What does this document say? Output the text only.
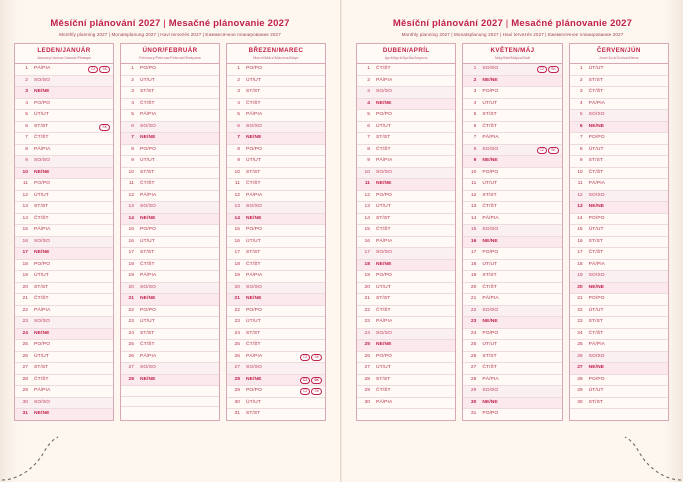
Měsíční plánování 2027 | Mesačné plánovanie 2027
Monthly planning 2027 | Monatsplanung 2027 | Havi tervezés 2027 | Ежемесячное планирование 2027
LEDEN/JANUÁR
January/Januar/Januar/Январь
1	PÁ/PIA	CZ SK
2	SO/SO	
3	NE/NE	
4	PO/PO	
5	ÚT/UT	
6	ST/ST	SK
7	ČT/ŠT	
8	PÁ/PIA	
9	SO/SO	
10	NE/NE	
11	PO/PO	
12	ÚT/UT	
13	ST/ST	
14	ČT/ŠT	
15	PÁ/PIA	
16	SO/SO	
17	NE/NE	
18	PO/PO	
19	ÚT/UT	
20	ST/ST	
21	ČT/ŠT	
22	PÁ/PIA	
23	SO/SO	
24	NE/NE	
25	PO/PO	
26	ÚT/UT	
27	ST/ST	
28	ČT/ŠT	
29	PÁ/PIA	
30	SO/SO	
31	NE/NE	
ÚNOR/FEBRUÁR
February/Februar/Február/Февраль
1	PO/PO	
2	ÚT/UT	
3	ST/ST	
4	ČT/ŠT	
5	PÁ/PIA	
6	SO/SO	
7	NE/NE	
8	PO/PO	
9	ÚT/UT	
10	ST/ST	
11	ČT/ŠT	
12	PÁ/PIA	
13	SO/SO	
14	NE/NE	
15	PO/PO	
16	ÚT/UT	
17	ST/ST	
18	ČT/ŠT	
19	PÁ/PIA	
20	SO/SO	
21	NE/NE	
22	PO/PO	
23	ÚT/UT	
24	ST/ST	
25	ČT/ŠT	
26	PÁ/PIA	
27	SO/SO	
28	NE/NE	

BŘEZEN/MAREC
March/März/Március/Март
1	PO/PO	
2	ÚT/UT	
3	ST/ST	
4	ČT/ŠT	
5	PÁ/PIA	
6	SO/SO	
7	NE/NE	
8	PO/PO	
9	ÚT/UT	
10	ST/ST	
11	ČT/ŠT	
12	PÁ/PIA	
13	SO/SO	
14	NE/NE	
15	PO/PO	
16	ÚT/UT	
17	ST/ST	
18	ČT/ŠT	
19	PÁ/PIA	
20	SO/SO	
21	NE/NE	
22	PO/PO	
23	ÚT/UT	
24	ST/ST	
25	ČT/ŠT	
26	PÁ/PIA	CZ SK
27	SO/SO	
28	NE/NE	CZ SK
29	PO/PO	CZ SK
30	ÚT/UT	
31	ST/ST	
Měsíční plánování 2027 | Mesačné plánovanie 2027
Monthly planning 2027 | Monatsplanung 2027 | Havi tervezés 2027 | Ежемесячное планирование 2027
DUBEN/APRÍL
April/April/Április/Апрель
1	ČT/ŠT	
2	PÁ/PIA	
3	SO/SO	
4	NE/NE	
5	PO/PO	
6	ÚT/UT	
7	ST/ST	
8	ČT/ŠT	
9	PÁ/PIA	
10	SO/SO	
11	NE/NE	
12	PO/PO	
13	ÚT/UT	
14	ST/ST	
15	ČT/ŠT	
16	PÁ/PIA	
17	SO/SO	
18	NE/NE	
19	PO/PO	
20	ÚT/UT	
21	ST/ST	
22	ČT/ŠT	
23	PÁ/PIA	
24	SO/SO	
25	NE/NE	
26	PO/PO	
27	ÚT/UT	
28	ST/ST	
29	ČT/ŠT	
30	PÁ/PIA	

KVĚTEN/MÁJ
May/Mai/Május/Май
1	SO/SO	CZ SK
2	NE/NE	
3	PO/PO	
4	ÚT/UT	
5	ST/ST	
6	ČT/ŠT	
7	PÁ/PIA	
8	SO/SO	CZ SK
9	NE/NE	
10	PO/PO	
11	ÚT/UT	
12	ST/ST	
13	ČT/ŠT	
14	PÁ/PIA	
15	SO/SO	
16	NE/NE	
17	PO/PO	
18	ÚT/UT	
19	ST/ST	
20	ČT/ŠT	
21	PÁ/PIA	
22	SO/SO	
23	NE/NE	
24	PO/PO	
25	ÚT/UT	
26	ST/ST	
27	ČT/ŠT	
28	PÁ/PIA	
29	SO/SO	
30	NE/NE	
31	PO/PO	
ČERVEN/JÚN
June/Juni/Június/Июнь
1	ÚT/UT	
2	ST/ST	
3	ČT/ŠT	
4	PÁ/PIA	
5	SO/SO	
6	NE/NE	
7	PO/PO	
8	ÚT/UT	
9	ST/ST	
10	ČT/ŠT	
11	PÁ/PIA	
12	SO/SO	
13	NE/NE	
14	PO/PO	
15	ÚT/UT	
16	ST/ST	
17	ČT/ŠT	
18	PÁ/PIA	
19	SO/SO	
20	NE/NE	
21	PO/PO	
22	ÚT/UT	
23	ST/ST	
24	ČT/ŠT	
25	PÁ/PIA	
26	SO/SO	
27	NE/NE	
28	PO/PO	
29	ÚT/UT	
30	ST/ST	
